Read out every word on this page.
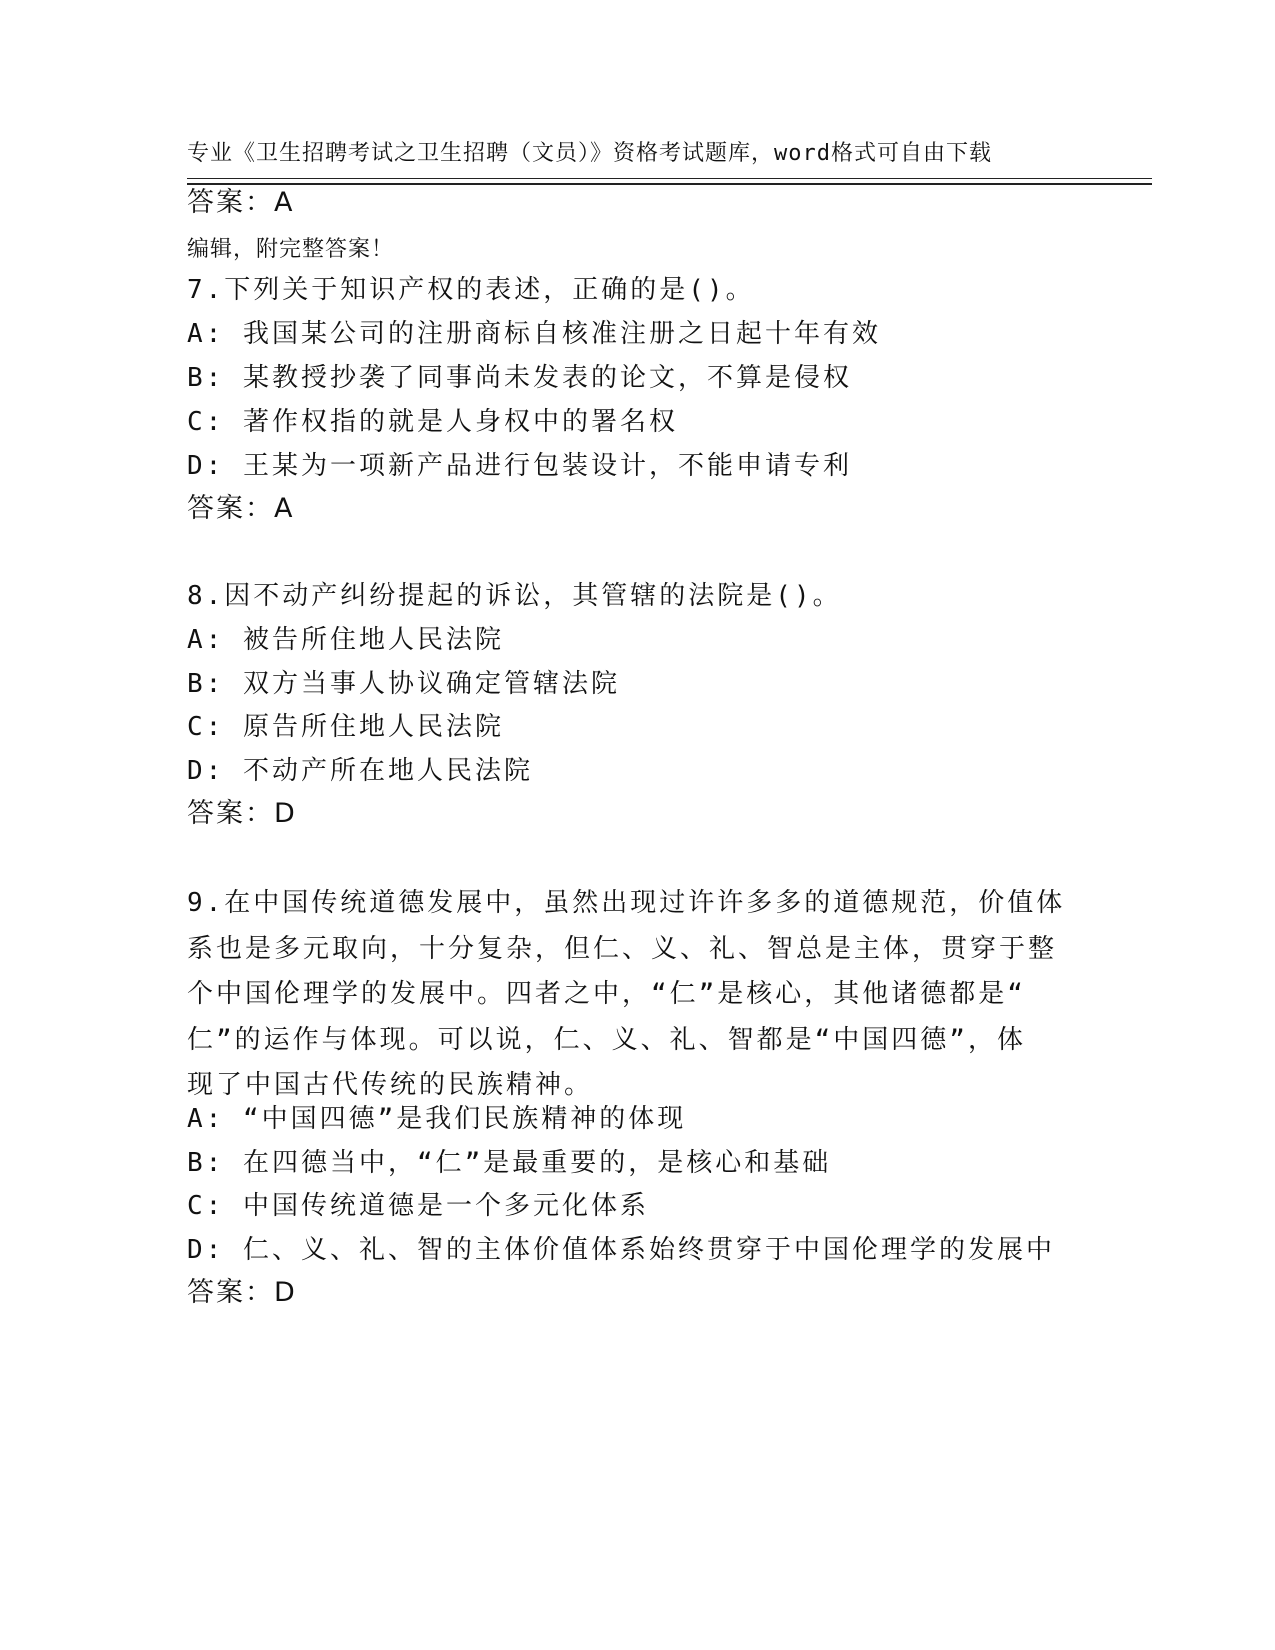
专业《卫生招聘考试之卫生招聘（文员）》资格考试题库，word格式可自由下载

编辑，附完整答案！

答案：A
7.下列关于知识产权的表述，正确的是()。
A: 我国某公司的注册商标自核准注册之日起十年有效
B: 某教授抄袭了同事尚未发表的论文，不算是侵权
C: 著作权指的就是人身权中的署名权
D: 王某为一项新产品进行包装设计，不能申请专利
答案：A
8.因不动产纠纷提起的诉讼，其管辖的法院是()。
A: 被告所住地人民法院
B: 双方当事人协议确定管辖法院
C: 原告所住地人民法院
D: 不动产所在地人民法院
答案：D
9.在中国传统道德发展中，虽然出现过许许多多的道德规范，价值体
系也是多元取向，十分复杂，但仁、义、礼、智总是主体，贯穿于整
个中国伦理学的发展中。四者之中，“仁”是核心，其他诸德都是“
仁”的运作与体现。可以说，仁、义、礼、智都是“中国四德”，体
现了中国古代传统的民族精神。
A: “中国四德”是我们民族精神的体现
B: 在四德当中，“仁”是最重要的，是核心和基础
C: 中国传统道德是一个多元化体系
D: 仁、义、礼、智的主体价值体系始终贯穿于中国伦理学的发展中
答案：D
